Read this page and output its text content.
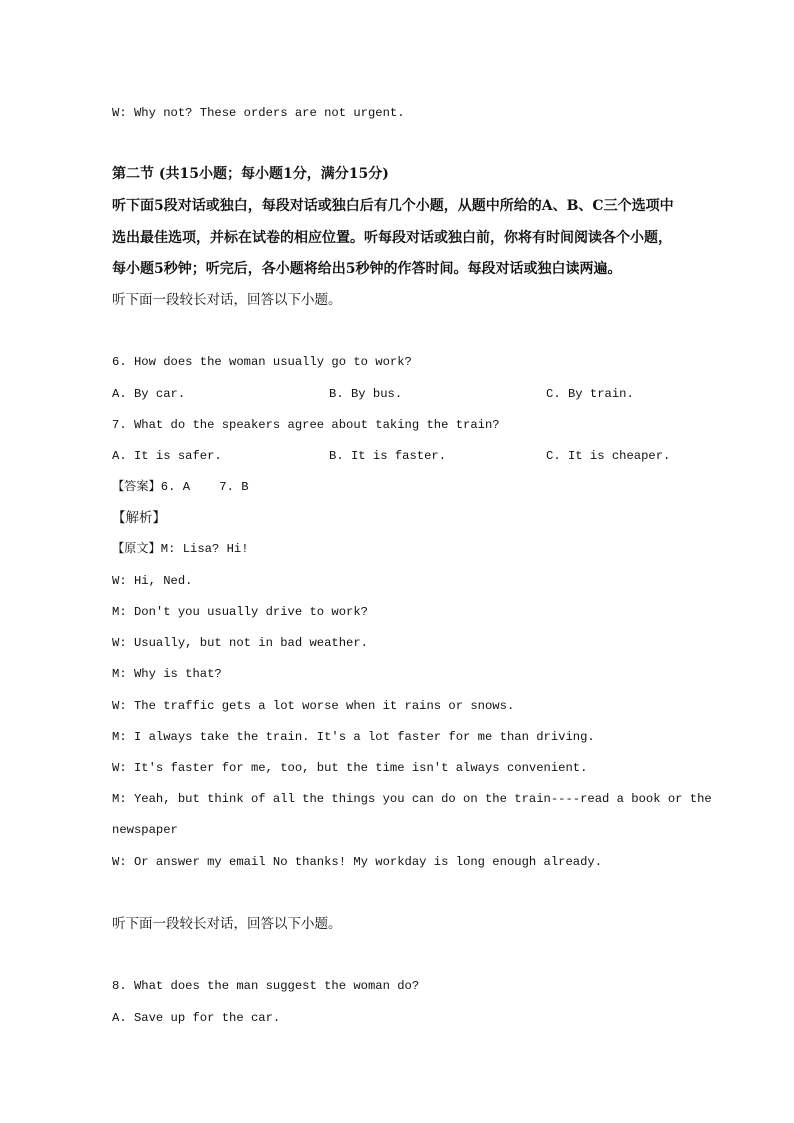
W: Why not? These orders are not urgent.
第二节 (共15小题；每小题1分，满分15分)
听下面5段对话或独白，每段对话或独白后有几个小题，从题中所给的A、B、C三个选项中
选出最佳选项，并标在试卷的相应位置。听每段对话或独白前，你将有时间阅读各个小题，
每小题5秒钟；听完后，各小题将给出5秒钟的作答时间。每段对话或独白读两遍。
听下面一段较长对话，回答以下小题。
6. How does the woman usually go to work?
A. By car.	B. By bus.	C. By train.
7. What do the speakers agree about taking the train?
A. It is safer.	B. It is faster.	C. It is cheaper.
【答案】6. A    7. B
【解析】
【原文】M: Lisa? Hi!
W: Hi, Ned.
M: Don't you usually drive to work?
W: Usually, but not in bad weather.
M: Why is that?
W: The traffic gets a lot worse when it rains or snows.
M: I always take the train. It's a lot faster for me than driving.
W: It's faster for me, too, but the time isn't always convenient.
M: Yeah, but think of all the things you can do on the train----read a book or the
newspaper
W: Or answer my email No thanks! My workday is long enough already.
听下面一段较长对话，回答以下小题。
8. What does the man suggest the woman do?
A. Save up for the car.
